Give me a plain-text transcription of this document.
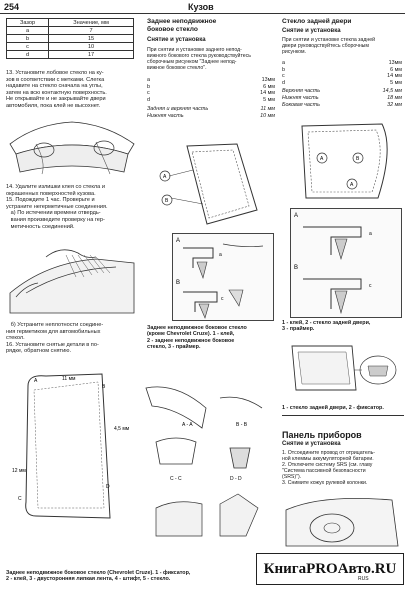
254	Кузов
Зазор	Значение, мм
a	7
b	15
c	10
d	17
13. Установите лобовое стекло на ку-
зов в соответствии с метками. Слегка
надавите на стекло сначала на углы,
затем на всю контактную поверхность.
Не открывайте и не закрывайте двери
автомобиля, пока клей не высохнет.
14. Удалите излишки клея со стекла и
окрашенных поверхностей кузова.
15. Подождите 1 час. Проверьте и
устраните негерметичные соединения.
а) По истечении времени отвердь-
вания произведите проверку на гер-
метичность соединений.
б) Устраните неплотности соедине-
ния герметиком для автомобильных
стекол.
16. Установите снятые детали в по-
рядке, обратном снятию.
Заднее неподвижное
боковое стекло
Снятие и установка
При снятии и установке заднего непод-
вижного бокового стекла руководствуйтесь
сборочным рисунком "Заднее непод-
вижное боковое стекло".
a	13мм
b	6 мм
c	14 мм
d	5 мм
Задняя и верхняя часть	11 мм
Нижняя часть	10 мм
A
B
A
B
a
c
Заднее неподвижное боковое стекло
(кроме Chevrolet Cruze). 1 - клей,
2 - заднее неподвижное боковое
стекло, 3 - праймер.
Стекло задней двери
Снятие и установка
При снятии и установке стекла задней
двери руководствуйтесь сборочным
рисунком.
a	13мм
b	6 мм
c	14 мм
d	5 мм
Верхняя часть	14,5 мм
Нижняя часть	18 мм
Боковая часть	32 мм
A	B
A
A
B
a
c
1 - клей, 2 - стекло задней двери,
3 - праймер.
1 - стекло задней двери, 2 - фиксатор.
Панель приборов
Снятие и установка
1. Отсоедините провод от отрицатель-
ной клеммы аккумуляторной батареи.
2. Отключите систему SRS (см. главу
"Система пассивной безопасности
(SRS)").
3. Снимите кожух рулевой колонки.
A
B
C
D
11 мм
12 мм
4,5 мм
A - A	B - B
C - C	D - D
Заднее неподвижное боковое стекло (Chevrolet Cruze). 1 - фиксатор,
2 - клей, 3 - двусторонняя липкая лента, 4 - штифт, 5 - стекло.
КнигаPROАвто .RU
RUS
